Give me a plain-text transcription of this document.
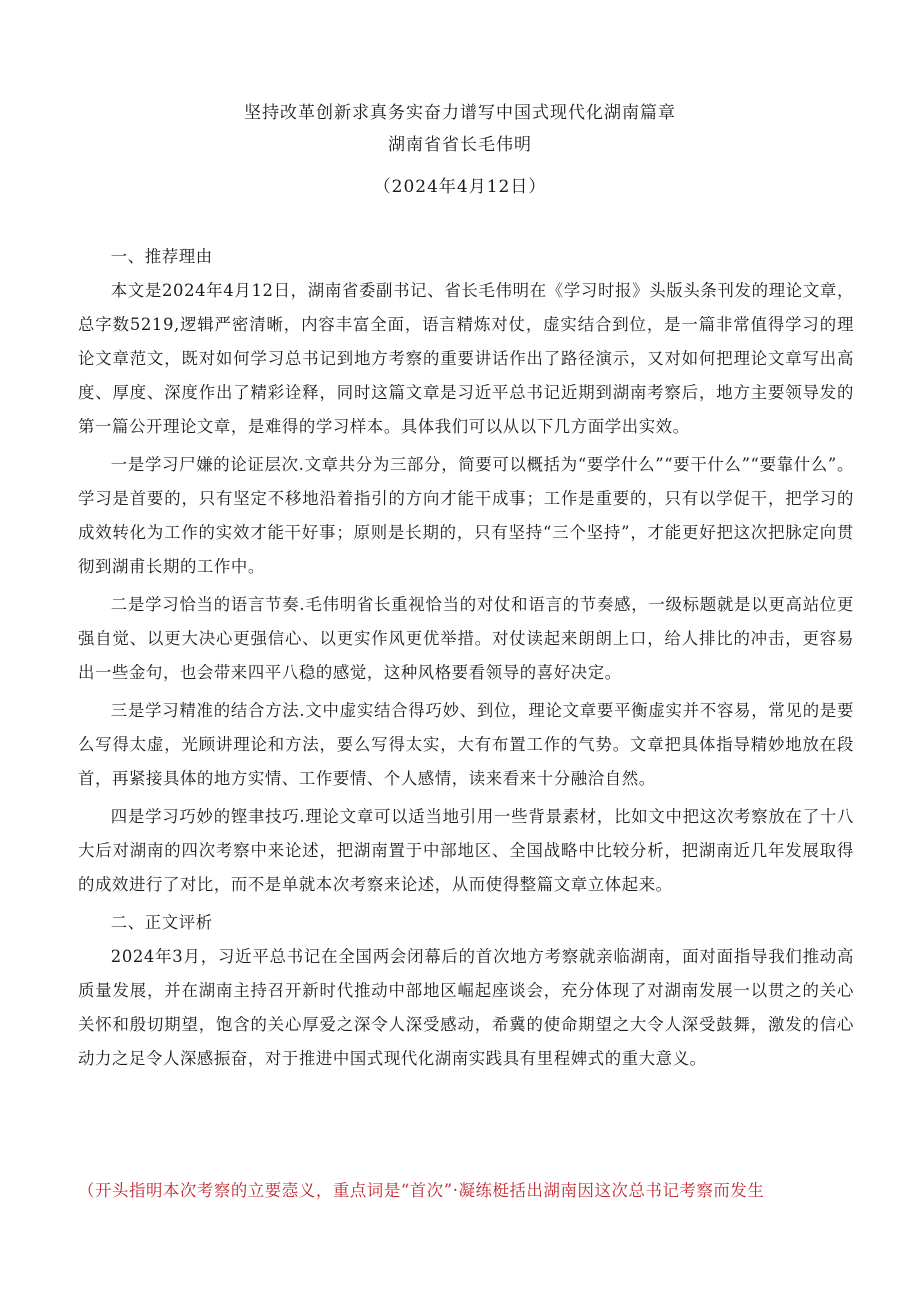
坚持改革创新求真务实奋力谱写中国式现代化湖南篇章
湖南省省长毛伟明
（2024年4月12日）

一、推荐理由

本文是2024年4月12日，湖南省委副书记、省长毛伟明在《学习时报》头版头条刊发的理论文章，总字数5219,逻辑严密清晰，内容丰富全面，语言精炼对仗，虚实结合到位，是一篇非常值得学习的理论文章范文，既对如何学习总书记到地方考察的重要讲话作出了路径演示，又对如何把理论文章写出高度、厚度、深度作出了精彩诠释，同时这篇文章是习近平总书记近期到湖南考察后，地方主要领导发的第一篇公开理论文章，是难得的学习样本。具体我们可以从以下几方面学出实效。

一是学习尸嫌的论证层次.文章共分为三部分，简要可以概括为“要学什么”“要干什么”“要靠什么”。学习是首要的，只有坚定不移地沿着指引的方向才能干成事；工作是重要的，只有以学促干，把学习的成效转化为工作的实效才能干好事；原则是长期的，只有坚持“三个坚持”，才能更好把这次把脉定向贯彻到湖甫长期的工作中。

二是学习恰当的语言节奏.毛伟明省长重视恰当的对仗和语言的节奏感，一级标题就是以更高站位更强自觉、以更大决心更强信心、以更实作风更优举措。对仗读起来朗朗上口，给人排比的冲击，更容易出一些金句，也会带来四平八稳的感觉，这种风格要看领导的喜好决定。

三是学习精准的结合方法.文中虚实结合得巧妙、到位，理论文章要平衡虚实并不容易，常见的是要么写得太虚，光顾讲理论和方法，要么写得太实，大有布置工作的气势。文章把具体指导精妙地放在段首，再紧接具体的地方实情、工作要情、个人感情，读来看来十分融洽自然。

四是学习巧妙的铿聿技巧.理论文章可以适当地引用一些背景素材，比如文中把这次考察放在了十八大后对湖南的四次考察中来论述，把湖南置于中部地区、全国战略中比较分析，把湖南近几年发展取得的成效进行了对比，而不是单就本次考察来论述，从而使得整篇文章立体起来。

二、正文评析

2024年3月，习近平总书记在全国两会闭幕后的首次地方考察就亲临湖南，面对面指导我们推动高质量发展，并在湖南主持召开新时代推动中部地区崛起座谈会，充分体现了对湖南发展一以贯之的关心关怀和殷切期望，饱含的关心厚爱之深令人深受感动，希冀的使命期望之大令人深受鼓舞，激发的信心动力之足令人深感振奋，对于推进中国式现代化湖南实践具有里程婢式的重大意义。

（开头指明本次考察的立要悫义，重点词是“首次”·凝练梃括出湖南因这次总书记考察而发生
